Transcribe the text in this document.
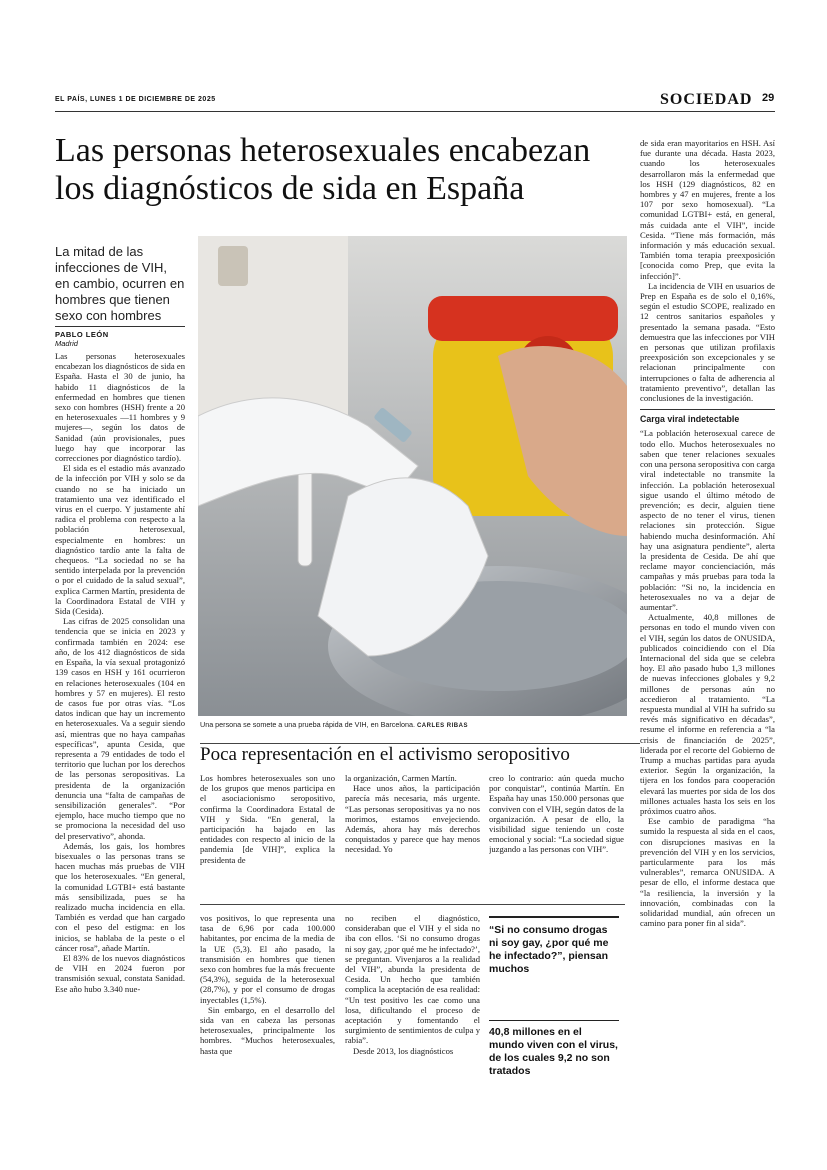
EL PAÍS, LUNES 1 DE DICIEMBRE DE 2025	SOCIEDAD 29
Las personas heterosexuales encabezan los diagnósticos de sida en España
La mitad de las infecciones de VIH, en cambio, ocurren en hombres que tienen sexo con hombres
PABLO LEÓN
Madrid

Las personas heterosexuales encabezan los diagnósticos de sida en España. Hasta el 30 de junio, ha habido 11 diagnósticos de la enfermedad en hombres que tienen sexo con hombres (HSH) frente a 20 en heterosexuales —11 hombres y 9 mujeres—, según los datos de Sanidad (aún provisionales, pues luego hay que incorporar las correcciones por diagnóstico tardío).

El sida es el estadio más avanzado de la infección por VIH y solo se da cuando no se ha iniciado un tratamiento una vez identificado el virus en el cuerpo. Y justamente ahí radica el problema con respecto a la población heterosexual, especialmente en hombres: un diagnóstico tardío ante la falta de chequeos. “La sociedad no se ha sentido interpelada por la prevención o por el cuidado de la salud sexual”, explica Carmen Martín, presidenta de la Coordinadora Estatal de VIH y Sida (Cesida).

Las cifras de 2025 consolidan una tendencia que se inicia en 2023 y confirmada también en 2024: ese año, de los 412 diagnósticos de sida en España, la vía sexual protagonizó 139 casos en HSH y 161 ocurrieron en relaciones heterosexuales (104 en hombres y 57 en mujeres). El resto de casos fue por otras vías. “Los datos indican que hay un incremento en heterosexuales. Va a seguir siendo así, mientras que no haya campañas específicas”, apunta Cesida, que representa a 79 entidades de todo el territorio que luchan por los derechos de las personas seropositivas. La presidenta de la organización denuncia una “falta de campañas de sensibilización generales”. “Por ejemplo, hace mucho tiempo que no se promociona la necesidad del uso del preservativo”, ahonda.

Además, los gais, los hombres bisexuales o las personas trans se hacen muchas más pruebas de VIH que los heterosexuales. “En general, la comunidad LGTBI+ está bastante más sensibilizada, pues se ha realizado mucha incidencia en ella. También es verdad que han cargado con el peso del estigma: en los inicios, se hablaba de la peste o el cáncer rosa”, añade Martín.

El 83% de los nuevos diagnósticos de VIH en 2024 fueron por transmisión sexual, constata Sanidad. Ese año hubo 3.340 nue-

Una persona se somete a una prueba rápida de VIH, en Barcelona. CARLES RIBAS
Poca representación en el activismo seropositivo

Los hombres heterosexuales son uno de los grupos que menos participa en el asociacionismo seropositivo, confirma la Coordinadora Estatal de VIH y Sida. “En general, la participación ha bajado en las entidades con respecto al inicio de la pandemia [de VIH]”, explica la presidenta de

la organización, Carmen Martín.

Hace unos años, la participación parecía más necesaria, más urgente. “Las personas seropositivas ya no nos morimos, estamos envejeciendo. Además, ahora hay más derechos conquistados y parece que hay menos necesidad. Yo

creo lo contrario: aún queda mucho por conquistar”, continúa Martín. En España hay unas 150.000 personas que conviven con el VIH, según datos de la organización. A pesar de ello, la visibilidad sigue teniendo un coste emocional y social: “La sociedad sigue juzgando a las personas con VIH”.

vos positivos, lo que representa una tasa de 6,96 por cada 100.000 habitantes, por encima de la media de la UE (5,3). El año pasado, la transmisión en hombres que tienen sexo con hombres fue la más frecuente (54,3%), seguida de la heterosexual (28,7%), y por el consumo de drogas inyectables (1,5%).

Sin embargo, en el desarrollo del sida van en cabeza las personas heterosexuales, principalmente los hombres. “Muchos heterosexuales, hasta que

no reciben el diagnóstico, consideraban que el VIH y el sida no iba con ellos. ‘Si no consumo drogas ni soy gay, ¿por qué me he infectado?’, se preguntan. Vivenjaros a la realidad del VIH”, abunda la presidenta de Cesida. Un hecho que también complica la aceptación de esa realidad: “Un test positivo les cae como una losa, dificultando el proceso de aceptación y fomentando el surgimiento de sentimientos de culpa y rabia”.

Desde 2013, los diagnósticos

“Si no consumo drogas ni soy gay, ¿por qué me he infectado?”, piensan muchos
40,8 millones en el mundo viven con el virus, de los cuales 9,2 no son tratados

de sida eran mayoritarios en HSH. Así fue durante una década. Hasta 2023, cuando los heterosexuales desarrollaron más la enfermedad que los HSH (129 diagnósticos, 82 en hombres y 47 en mujeres, frente a los 107 por sexo homosexual). “La comunidad LGTBI+ está, en general, más cuidada ante el VIH”, incide Cesida. “Tiene más formación, más información y más educación sexual. También toma terapia preexposición [conocida como Prep, que evita la infección]”.

La incidencia de VIH en usuarios de Prep en España es de solo el 0,16%, según el estudio SCOPE, realizado en 12 centros sanitarios españoles y presentado la semana pasada. “Esto demuestra que las infecciones por VIH en personas que utilizan profilaxis preexposición son excepcionales y se relacionan principalmente con interrupciones o falta de adherencia al tratamiento preventivo”, detallan las conclusiones de la investigación.

Carga viral indetectable

“La población heterosexual carece de todo ello. Muchos heterosexuales no saben que tener relaciones sexuales con una persona seropositiva con carga viral indetectable no transmite la infección. La población heterosexual sigue usando el último método de prevención; es decir, alguien tiene aspecto de no tener el virus, tienen relaciones sin protección. Sigue habiendo mucha desinformación. Ahí hay una asignatura pendiente”, alerta la presidenta de Cesida. De ahí que reclame mayor concienciación, más campañas y más pruebas para toda la población: “Si no, la incidencia en heterosexuales no va a dejar de aumentar”.

Actualmente, 40,8 millones de personas en todo el mundo viven con el VIH, según los datos de ONUSIDA, publicados coincidiendo con el Día Internacional del sida que se celebra hoy. El año pasado hubo 1,3 millones de nuevas infecciones globales y 9,2 millones de personas aún no accedieron al tratamiento. “La respuesta mundial al VIH ha sufrido su revés más significativo en décadas”, resume el informe en referencia a “la crisis de financiación de 2025”, liderada por el recorte del Gobierno de Trump a muchas partidas para ayuda exterior. Según la organización, la tijera en los fondos para cooperación elevará las muertes por sida de los dos millones actuales hasta los seis en los próximos cuatro años.

Ese cambio de paradigma “ha sumido la respuesta al sida en el caos, con disrupciones masivas en la prevención del VIH y en los servicios, particularmente para los más vulnerables”, remarca ONUSIDA. A pesar de ello, el informe destaca que “la resiliencia, la inversión y la innovación, combinadas con la solidaridad mundial, aún ofrecen un camino para poner fin al sida”.
